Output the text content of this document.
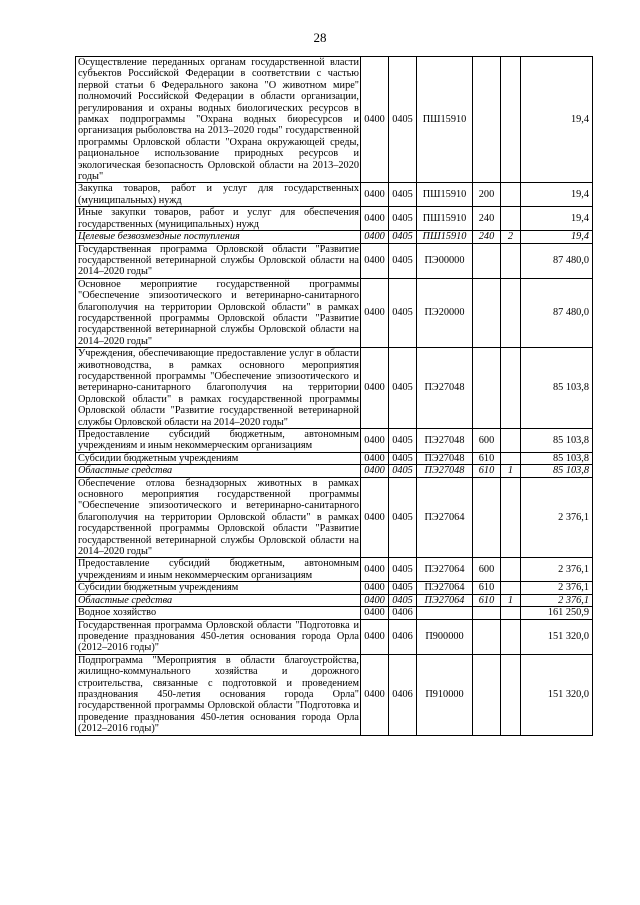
28
Осуществление переданных органам государственной власти субъектов Российской Федерации в соответствии с частью первой статьи 6 Федерального закона "О животном мире" полномочий Российской Федерации в области организации, регулирования и охраны водных биологических ресурсов в рамках подпрограммы "Охрана водных биоресурсов и организация рыболовства на 2013–2020 годы" государственной программы Орловской области "Охрана окружающей среды, рациональное использование природных ресурсов и экологическая безопасность Орловской области на 2013–2020 годы"	0400	0405	ПШ15910			19,4
Закупка товаров, работ и услуг для государственных (муниципальных) нужд	0400	0405	ПШ15910	200		19,4
Иные закупки товаров, работ и услуг для обеспечения государственных (муниципальных) нужд	0400	0405	ПШ15910	240		19,4
Целевые безвозмездные поступления	0400	0405	ПШ15910	240	2	19,4
Государственная программа Орловской области "Развитие государственной ветеринарной службы Орловской области на 2014–2020 годы"	0400	0405	ПЭ00000			87 480,0
Основное мероприятие государственной программы "Обеспечение эпизоотического и ветеринарно-санитарного благополучия на территории Орловской области" в рамках государственной программы Орловской области "Развитие государственной ветеринарной службы Орловской области на 2014–2020 годы"	0400	0405	ПЭ20000			87 480,0
Учреждения, обеспечивающие предоставление услуг в области животноводства, в рамках основного мероприятия государственной программы "Обеспечение эпизоотического и ветеринарно-санитарного благополучия на территории Орловской области" в рамках государственной программы Орловской области "Развитие государственной ветеринарной службы Орловской области на 2014–2020 годы"	0400	0405	ПЭ27048			85 103,8
Предоставление субсидий бюджетным, автономным учреждениям и иным некоммерческим организациям	0400	0405	ПЭ27048	600		85 103,8
Субсидии бюджетным учреждениям	0400	0405	ПЭ27048	610		85 103,8
Областные средства	0400	0405	ПЭ27048	610	1	85 103,8
Обеспечение отлова безнадзорных животных в рамках основного мероприятия государственной программы "Обеспечение эпизоотического и ветеринарно-санитарного благополучия на территории Орловской области" в рамках государственной программы Орловской области "Развитие государственной ветеринарной службы Орловской области на 2014–2020 годы"	0400	0405	ПЭ27064			2 376,1
Предоставление субсидий бюджетным, автономным учреждениям и иным некоммерческим организациям	0400	0405	ПЭ27064	600		2 376,1
Субсидии бюджетным учреждениям	0400	0405	ПЭ27064	610		2 376,1
Областные средства	0400	0405	ПЭ27064	610	1	2 376,1
Водное хозяйство	0400	0406				161 250,9
Государственная программа Орловской области "Подготовка и проведение празднования 450-летия основания города Орла (2012–2016 годы)"	0400	0406	П900000			151 320,0
Подпрограмма "Мероприятия в области благоустройства, жилищно-коммунального хозяйства и дорожного строительства, связанные с подготовкой и проведением празднования 450-летия основания города Орла" государственной программы Орловской области "Подготовка и проведение празднования 450-летия основания города Орла (2012–2016 годы)"	0400	0406	П910000			151 320,0
